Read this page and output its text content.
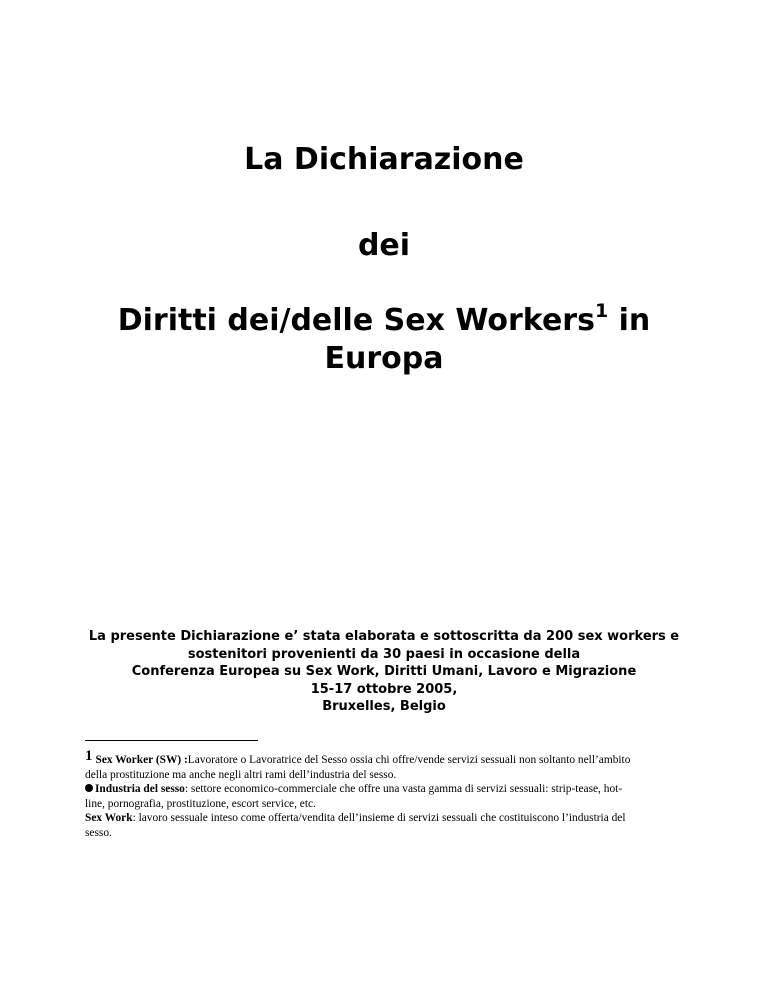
La Dichiarazione
dei
Diritti dei/delle Sex Workers$^1$ in
Europa
La presente Dichiarazione e’ stata elaborata e sottoscritta da 200 sex workers e
sostenitori provenienti da 30 paesi in occasione della
Conferenza Europea su Sex Work, Diritti Umani, Lavoro e Migrazione
15-17 ottobre 2005,
Bruxelles, Belgio

1 Sex Worker (SW) :Lavoratore o Lavoratrice del Sesso ossia chi offre/vende servizi sessuali non soltanto nell’ambito
della prostituzione ma anche negli altri rami dell’industria del sesso.

Industria del sesso: settore economico-commerciale che offre una vasta gamma di servizi sessuali: strip-tease, hot-
line, pornografia, prostituzione, escort service, etc.

Sex Work: lavoro sessuale inteso come offerta/vendita dell’insieme di servizi sessuali che costituiscono l’industria del
sesso.
